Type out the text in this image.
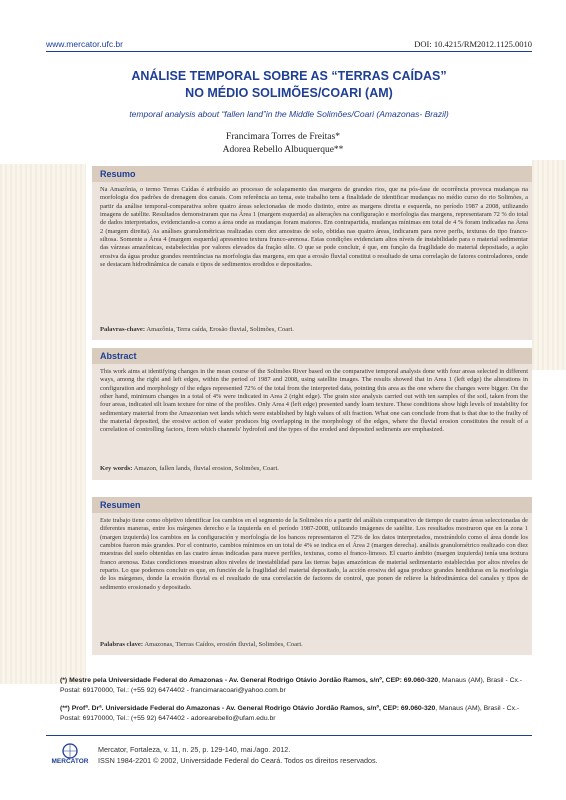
www.mercator.ufc.br	DOI: 10.4215/RM2012.1125.0010
ANÁLISE TEMPORAL SOBRE AS “TERRAS CAÍDAS”
NO MÉDIO SOLIMÕES/COARI (AM)
temporal analysis about “fallen land”in the Middle Solimões/Coari (Amazonas- Brazil)
Francimara Torres de Freitas*
Adorea Rebello Albuquerque**
Resumo
Na Amazônia, o termo Terras Caídas é atribuído ao processo de solapamento das margens de grandes rios, que na pós-fase de ocorrência provoca mudanças na morfologia dos padrões de drenagem dos canais. Com referência ao tema, este trabalho tem a finalidade de identificar mudanças no médio curso do rio Solimões, a partir da análise temporal-comparativa sobre quatro áreas selecionadas de modo distinto, entre as margens direita e esquerda, no período 1987 a 2008, utilizando imagens de satélite. Resultados demonstraram que na Área 1 (margem esquerda) as alterações na configuração e morfologia das margens, representaram 72 % do total de dados interpretados, evidenciando-a como a área onde as mudanças foram maiores. Em contrapartida, mudanças mínimas em total de 4 % foram indicadas na Área 2 (margem direita). As análises granulométricas realizadas com dez amostras de solo, obtidas nas quatro áreas, indicaram para nove perfis, texturas do tipo franco-siltosa. Somente a Área 4 (margem esquerda) apresentou textura franco-arenosa. Estas condições evidenciam altos níveis de instabilidade para o material sedimentar das várzeas amazônicas, estabelecidas por valores elevados da fração silte. O que se pode concluir, é que, em função da fragilidade do material depositado, a ação erosiva da água produz grandes reentrâncias na morfologia das margens, em que a erosão fluvial constitui o resultado de uma correlação de fatores controladores, onde se destacam hidrodinâmica de canais e tipos de sedimentos erodidos e depositados.
Palavras-chave: Amazônia, Terra caída, Erosão fluvial, Solimões, Coari.
Abstract
This work aims at identifying changes in the mean course of the Solimões River based on the comparative temporal analysis done with four areas selected in different ways, among the right and left edges, within the period of 1987 and 2008, using satellite images. The results showed that in Area 1 (left edge) the alterations in configuration and morphology of the edges represented 72% of the total from the interpreted data, pointing this area as the one where the changes were bigger. On the other hand, minimum changes in a total of 4% were indicated in Area 2 (right edge). The grain size analysis carried out with ten samples of the soil, taken from the four areas, indicated silt loam texture for nine of the profiles. Only Area 4 (left edge) presented sandy loam texture. These conditions show high levels of instability for sedimentary material from the Amazonian wet lands which were established by high values of silt fraction. What one can conclude from that is that due to the frailty of the material deposited, the erosive action of water produces big overlapping in the morphology of the edges, where the fluvial erosion constitutes the result of a correlation of controlling factors, from which channels' hydrofoil and the types of the eroded and deposited sediments are emphasized.
Key words: Amazon, fallen lands, fluvial erosion, Solimões, Coari.
Resumen
Este trabajo tiene como objetivo identificar los cambios en el segmento de la Solimões río a partir del análisis comparativo de tiempo de cuatro áreas seleccionadas de diferentes maneras, entre los márgenes derecho e la izquierda en el período 1987-2008, utilizando imágenes de satélite. Los resultados mostraron que en la zona 1 (margen izquierda) los cambios en la configuración y morfología de los bancos representaron el 72% de los datos interpretados, mostrándolo como el área donde los cambios fueron más grandes. Por el contrario, cambios mínimos en un total de 4% se indica en el Área 2 (margen derecha). análisis granulométrico realizado con diez muestras del suelo obtenidas en las cuatro áreas indicadas para nueve perfiles, texturas, como el franco-limoso. El cuarto ámbito (margen izquierda) tenía una textura franco arenosa. Estas condiciones muestran altos niveles de inestabilidad para las tierras bajas amazónicas de material sedimentario establecidas por altos niveles de reparto. Lo que podemos concluir es que, en función de la fragilidad del material depositado, la acción erosiva del agua produce grandes hendiduras en la morfología de los márgenes, donde la erosión fluvial es el resultado de una correlación de factores de control, que ponen de relieve la hidrodinámica del canales y tipos de sedimento erosionado y depositado.
Palabras clave: Amazonas, Tierras Caídos, erosión fluvial, Solimões, Coari.
(*) Mestre pela Universidade Federal do Amazonas - Av. General Rodrigo Otávio Jordão Ramos, s/nº, CEP: 69.060-320, Manaus (AM), Brasil - Cx.-Postal: 69170000, Tel.: (+55 92) 6474402 - francimaracoari@yahoo.com.br
(**) Profª. Drª. Universidade Federal do Amazonas - Av. General Rodrigo Otávio Jordão Ramos, s/nº, CEP: 69.060-320, Manaus (AM), Brasil - Cx.-Postal: 69170000, Tel.: (+55 92) 6474402 - adorearebello@ufam.edu.br
MERCATOR
Mercator, Fortaleza, v. 11, n. 25, p. 129-140, mai./ago. 2012.
ISSN 1984-2201 © 2002, Universidade Federal do Ceará. Todos os direitos reservados.
